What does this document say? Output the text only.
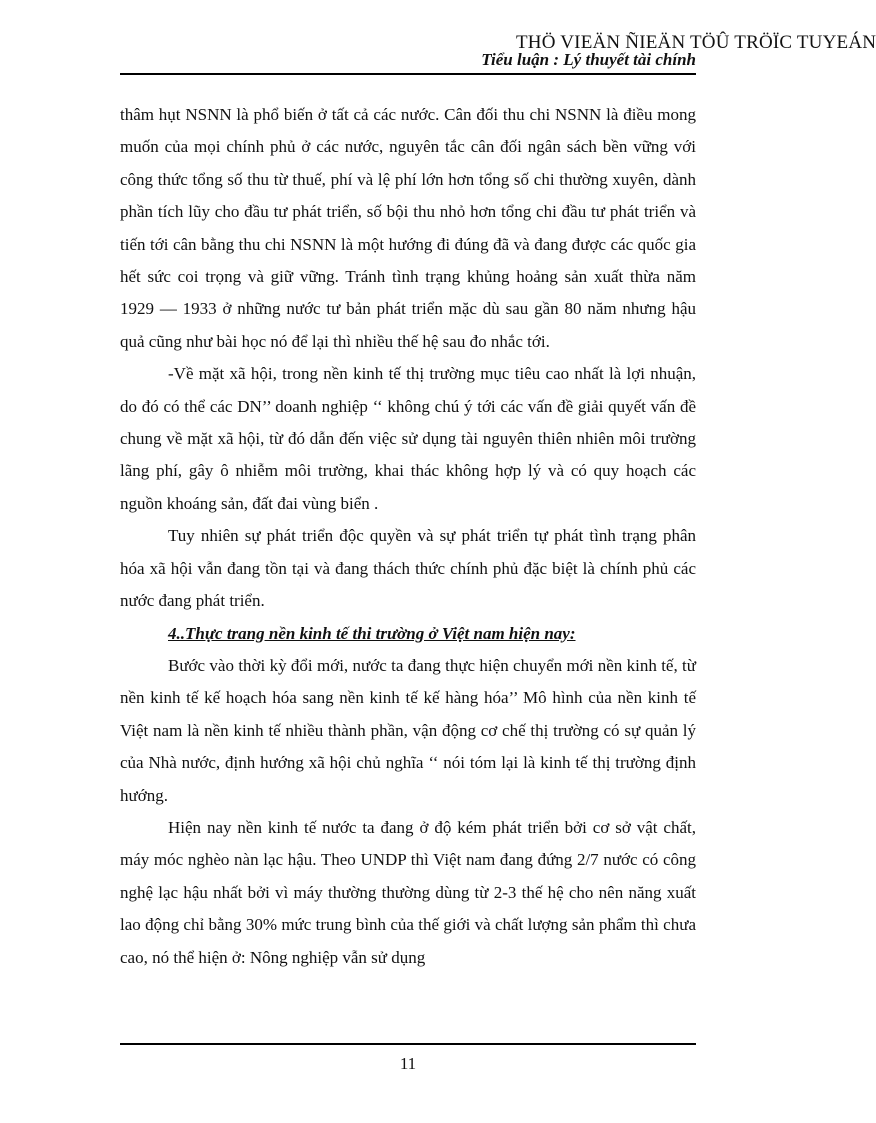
THÖ VIEÄN ÑIEÄN TÖÛ TRÖÏC TUYEÁN
Tiểu luận : Lý thuyết tài chính

thâm hụt NSNN là phổ biến ở tất cả các nước. Cân đối thu chi NSNN là điều mong muốn của mọi chính phủ ở các nước, nguyên tắc cân đối ngân sách bền vững với công thức tổng số thu từ thuế, phí và lệ phí lớn hơn tổng số chi thường xuyên, dành phần tích lũy cho đầu tư phát triển, số bội thu nhỏ hơn tổng chi đầu tư phát triển và tiến tới cân bằng thu chi NSNN là một hướng đi đúng đã và đang được các quốc gia hết sức coi trọng và giữ vững. Tránh tình trạng khủng hoảng sản xuất thừa năm 1929 — 1933 ở những nước tư bản phát triển mặc dù sau gần 80 năm nhưng hậu quả cũng như bài học nó để lại thì nhiều thế hệ sau đo nhắc tới.

-Về mặt xã hội, trong nền kinh tế thị trường mục tiêu cao nhất là lợi nhuận, do đó có thể các DN’’ doanh nghiệp ‘‘ không chú ý tới các vấn đề giải quyết vấn đề chung về mặt xã hội, từ đó dẫn đến việc sử dụng tài nguyên thiên nhiên môi trường lãng phí, gây ô nhiễm môi trường, khai thác không hợp lý và có quy hoạch các nguồn khoáng sản, đất đai vùng biển .

Tuy nhiên sự phát triển độc quyền và sự phát triển tự phát tình trạng phân hóa xã hội vẫn đang tồn tại và đang thách thức chính phủ đặc biệt là chính phủ các nước đang phát triển.

4..Thực trang nền kinh tế thi trường ở Việt nam hiện nay:

Bước vào thời kỳ đổi mới, nước ta đang thực hiện chuyển mới nền kinh tế, từ nền kinh tế kế hoạch hóa sang nền kinh tế kế hàng hóa’’ Mô hình của nền kinh tế Việt nam là nền kinh tế nhiều thành phần, vận động cơ chế thị trường có sự quản lý của Nhà nước, định hướng xã hội chủ nghĩa ‘‘ nói tóm lại là kinh tế thị trường định hướng.

Hiện nay nền kinh tế nước ta đang ở độ kém phát triển bởi cơ sở vật chất, máy móc nghèo nàn lạc hậu. Theo UNDP thì Việt nam đang đứng 2/7 nước có công nghệ lạc hậu nhất bởi vì máy thường thường dùng từ 2-3 thế hệ cho nên năng xuất lao động chỉ bằng 30% mức trung bình của thế giới và chất lượng sản phẩm thì chưa cao, nó thể hiện ở: Nông nghiệp vẫn sử dụng

11
